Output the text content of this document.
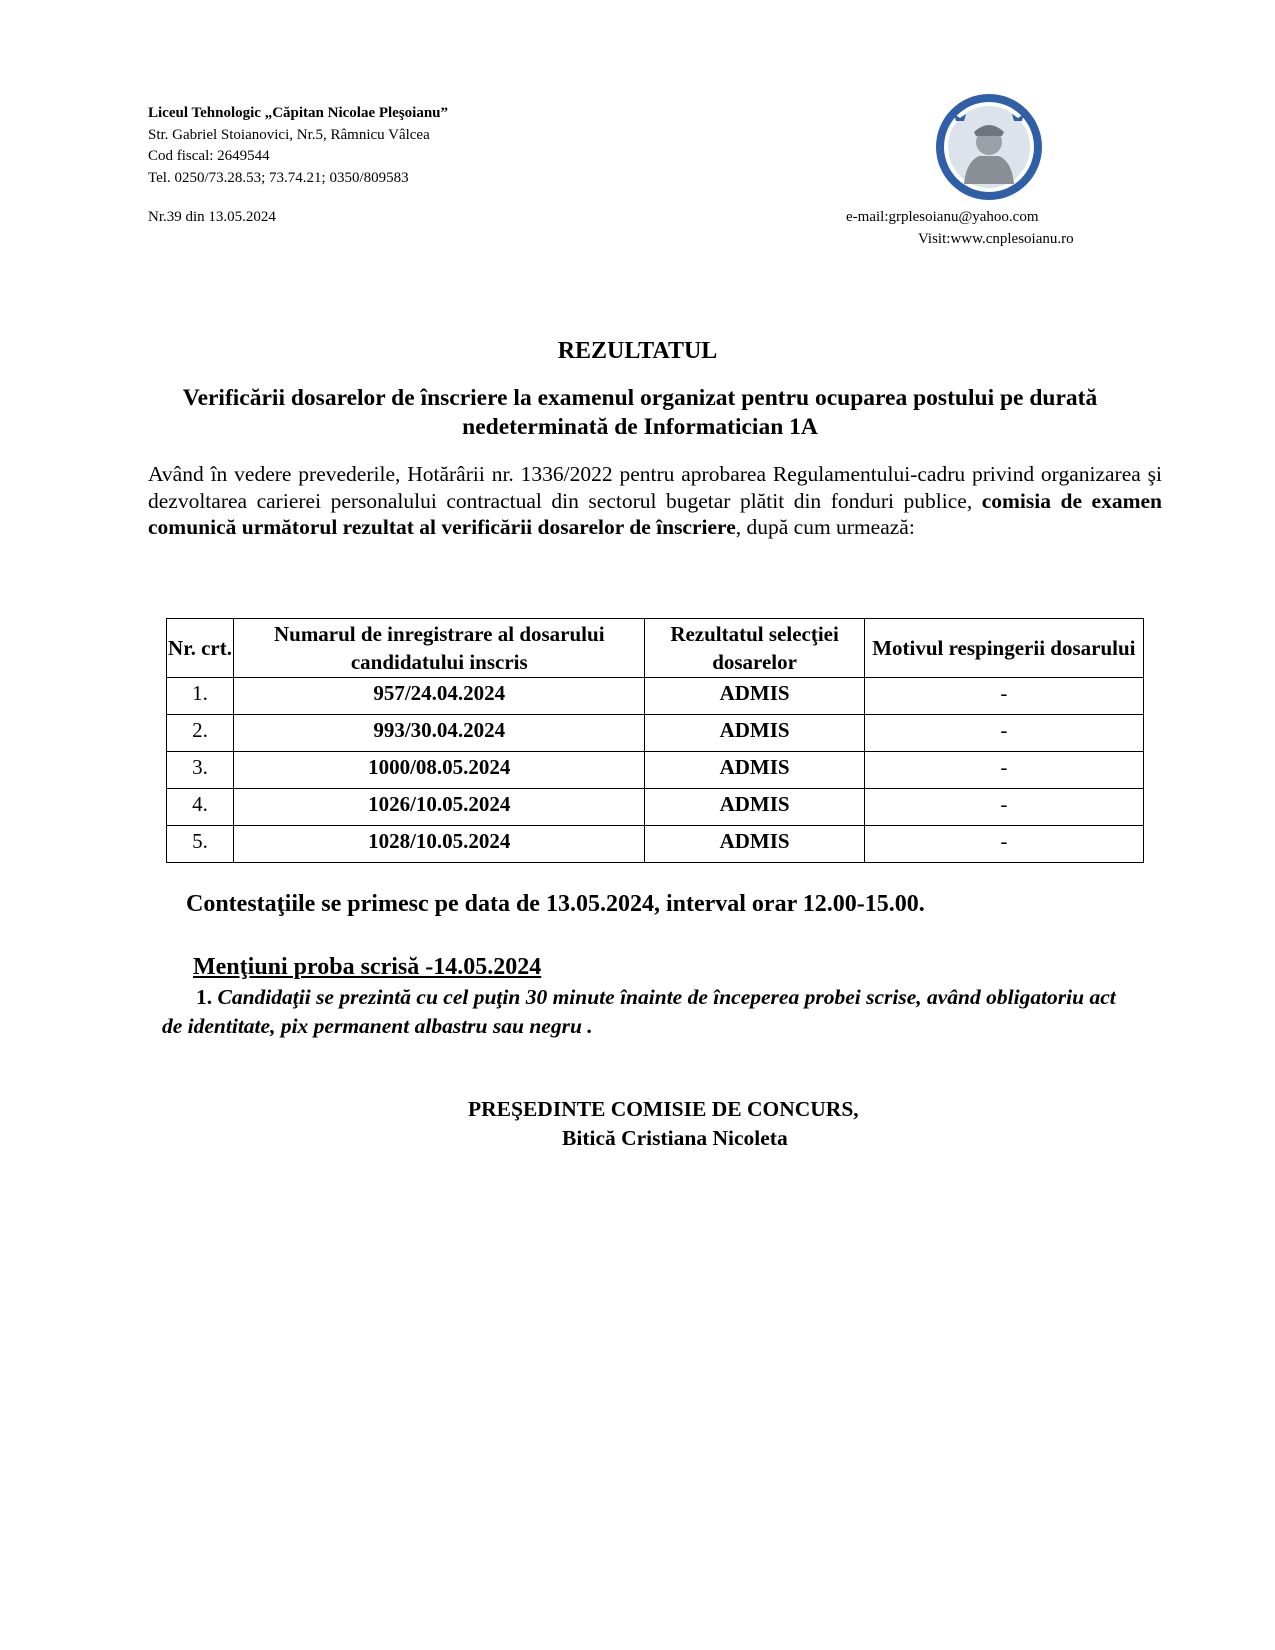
Liceul Tehnologic „Căpitan Nicolae Pleşoianu”
Str. Gabriel Stoianovici, Nr.5, Râmnicu Vâlcea
Cod fiscal: 2649544
Tel. 0250/73.28.53; 73.74.21; 0350/809583
Nr.39 din 13.05.2024	e-mail:grplesoianu@yahoo.com
Visit:www.cnplesoianu.ro
REZULTATUL
Verificării dosarelor de înscriere la examenul organizat pentru ocuparea postului pe durată nedeterminată de Informatician 1A
Având în vedere prevederile, Hotărârii nr. 1336/2022 pentru aprobarea Regulamentului-cadru privind organizarea şi dezvoltarea carierei personalului contractual din sectorul bugetar plătit din fonduri publice, comisia de examen comunică următorul rezultat al verificării dosarelor de înscriere, după cum urmează:
Nr. crt.	Numarul de inregistrare al dosarului candidatului inscris	Rezultatul selecţiei dosarelor	Motivul respingerii dosarului
1.	957/24.04.2024	ADMIS	-
2.	993/30.04.2024	ADMIS	-
3.	1000/08.05.2024	ADMIS	-
4.	1026/10.05.2024	ADMIS	-
5.	1028/10.05.2024	ADMIS	-
Contestaţiile se primesc pe data de 13.05.2024, interval orar 12.00-15.00.
Menţiuni proba scrisă -14.05.2024
1. Candidaţii se prezintă cu cel puţin 30 minute înainte de începerea probei scrise, având obligatoriu act de identitate, pix permanent albastru sau negru .
PREŞEDINTE COMISIE DE CONCURS,
Bitică Cristiana Nicoleta
